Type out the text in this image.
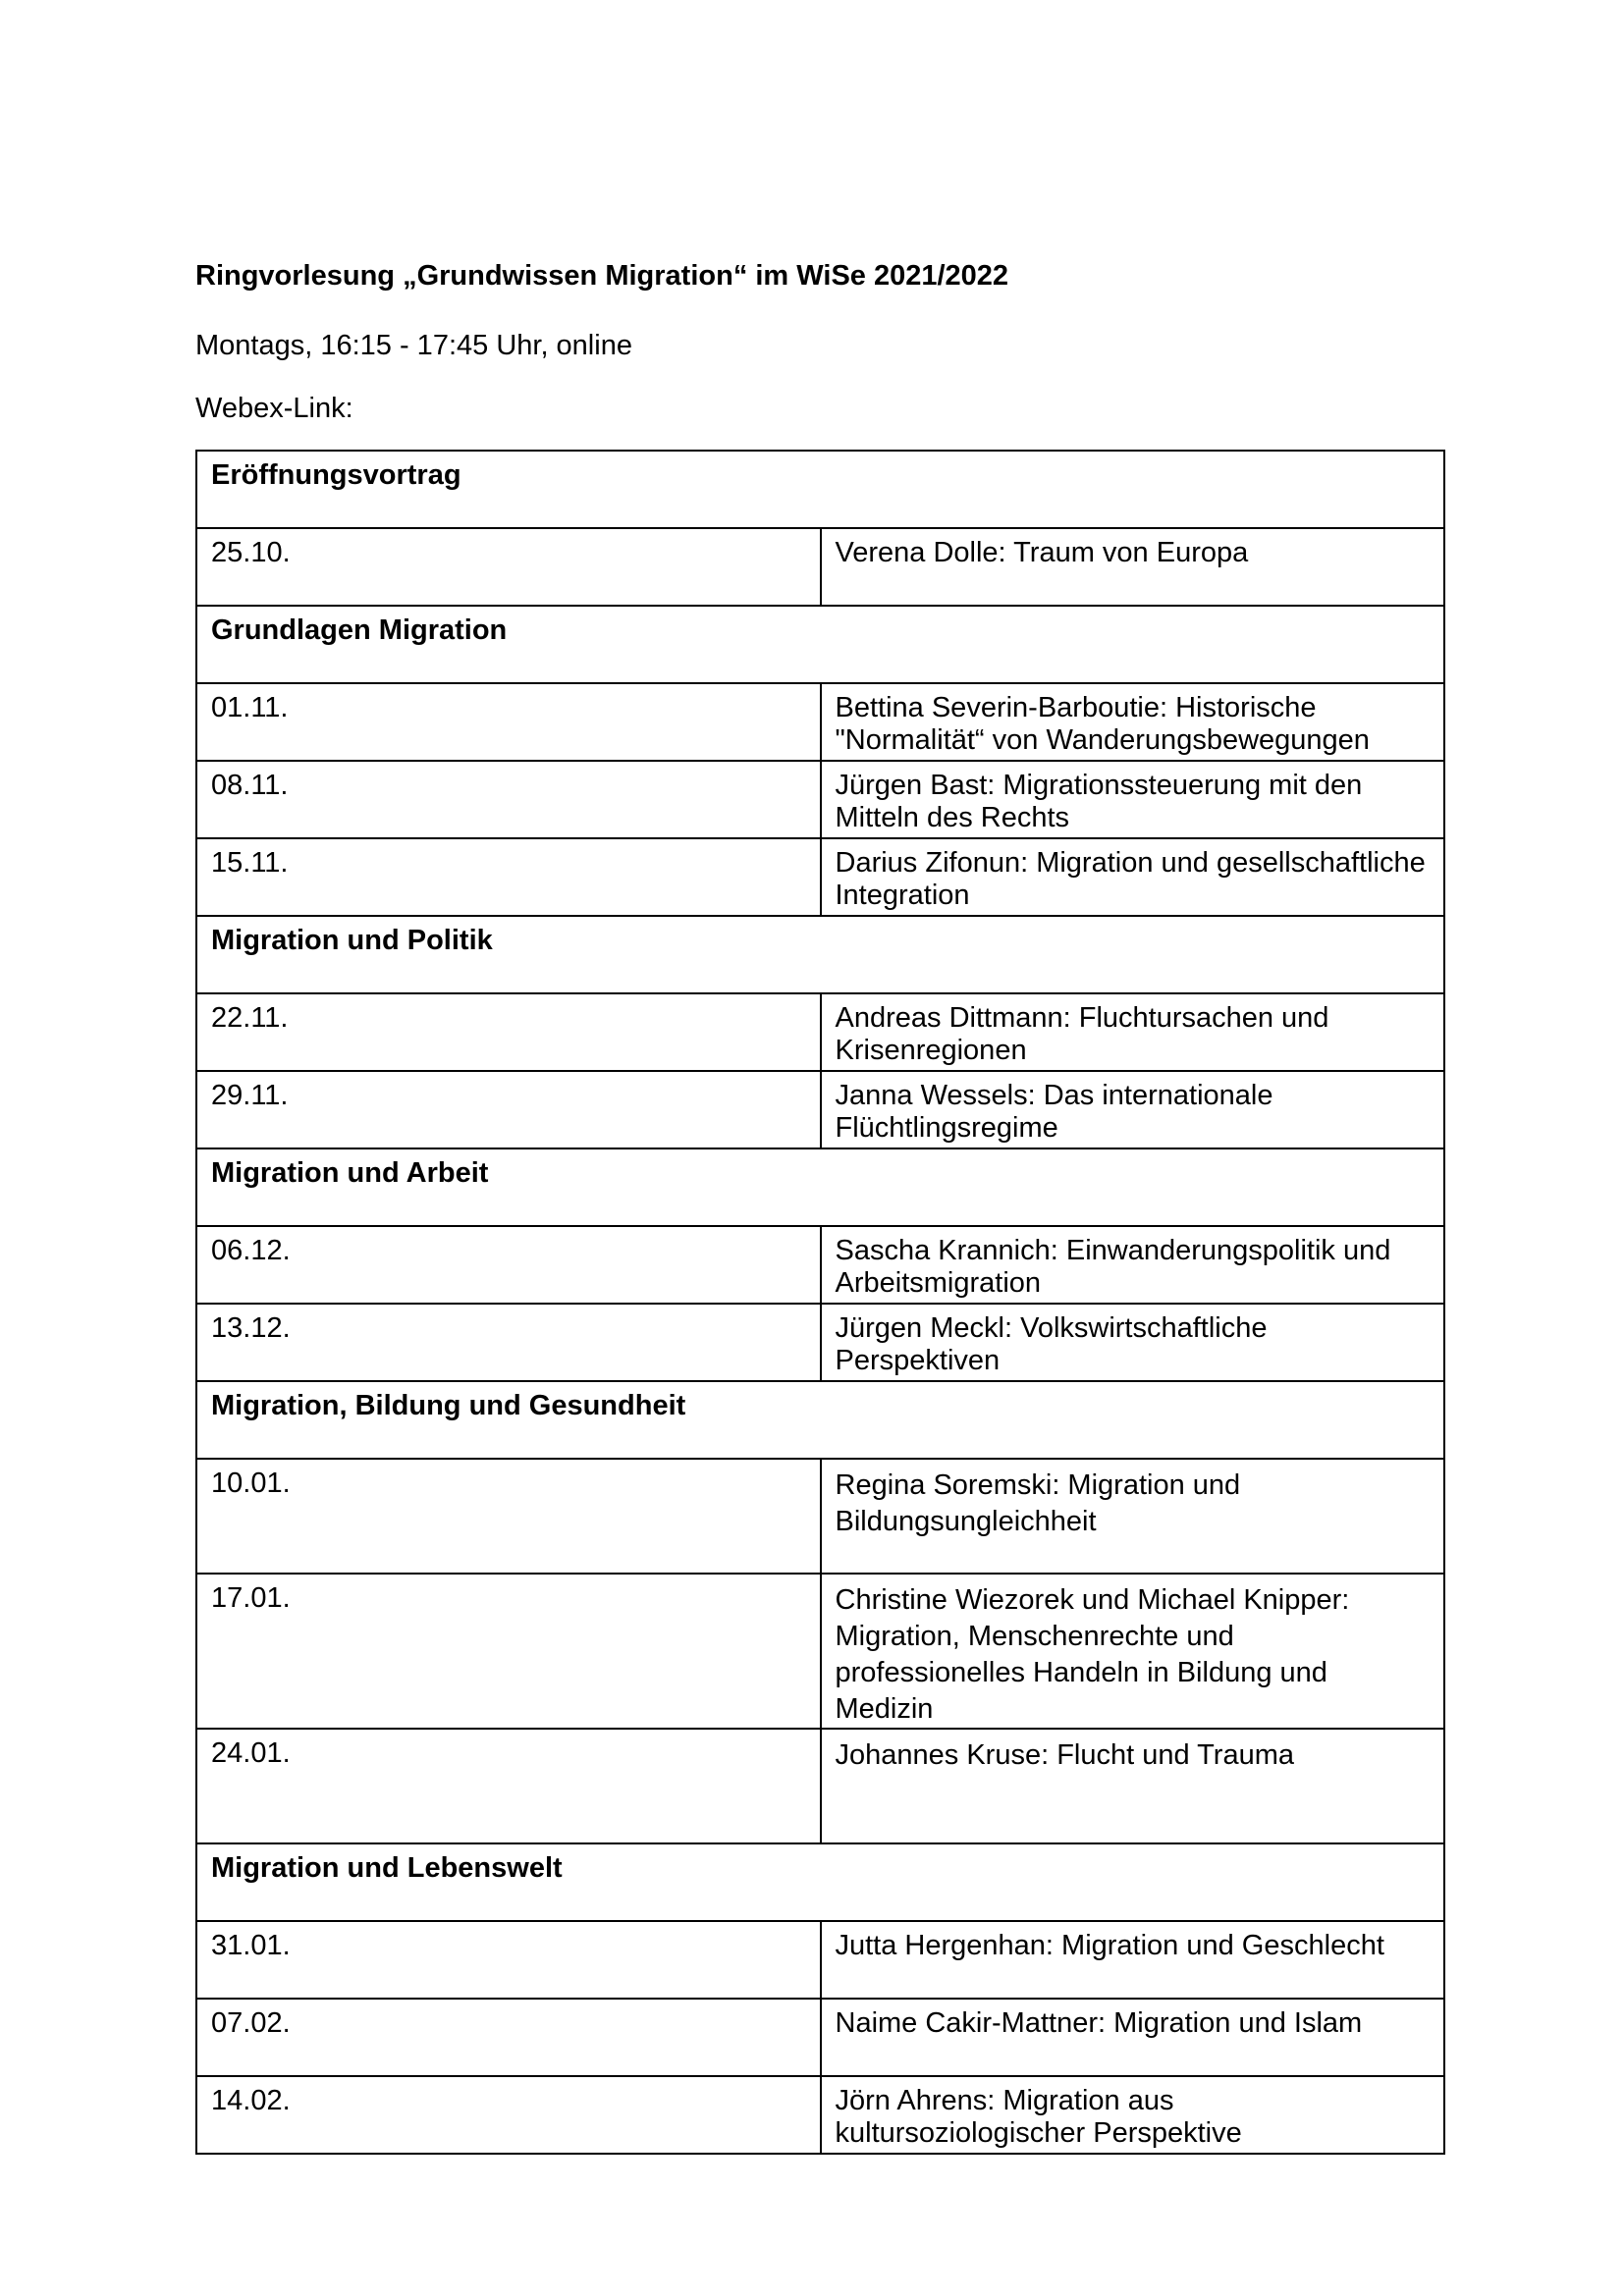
Ringvorlesung „Grundwissen Migration“ im WiSe 2021/2022
Montags, 16:15 - 17:45 Uhr, online
Webex-Link:
Eröffnungsvortrag	
25.10.	Verena Dolle: Traum von Europa
Grundlagen Migration	
01.11.	Bettina Severin-Barboutie: Historische "Normalität“ von Wanderungsbewegungen
08.11.	Jürgen Bast: Migrationssteuerung mit den Mitteln des Rechts
15.11.	Darius Zifonun: Migration und gesellschaftliche Integration
Migration und Politik	
22.11.	Andreas Dittmann: Fluchtursachen und Krisenregionen
29.11.	Janna Wessels: Das internationale Flüchtlingsregime
Migration und Arbeit	
06.12.	Sascha Krannich: Einwanderungspolitik und Arbeitsmigration
13.12.	Jürgen Meckl: Volkswirtschaftliche Perspektiven
Migration, Bildung und Gesundheit	
10.01.	Regina Soremski: Migration und Bildungsungleichheit
17.01.	Christine Wiezorek und Michael Knipper: Migration, Menschenrechte und professionelles Handeln in Bildung und Medizin
24.01.	Johannes Kruse: Flucht und Trauma
Migration und Lebenswelt	
31.01.	Jutta Hergenhan: Migration und Geschlecht
07.02.	Naime Cakir-Mattner: Migration und Islam
14.02.	Jörn Ahrens: Migration aus kultursoziologischer Perspektive
